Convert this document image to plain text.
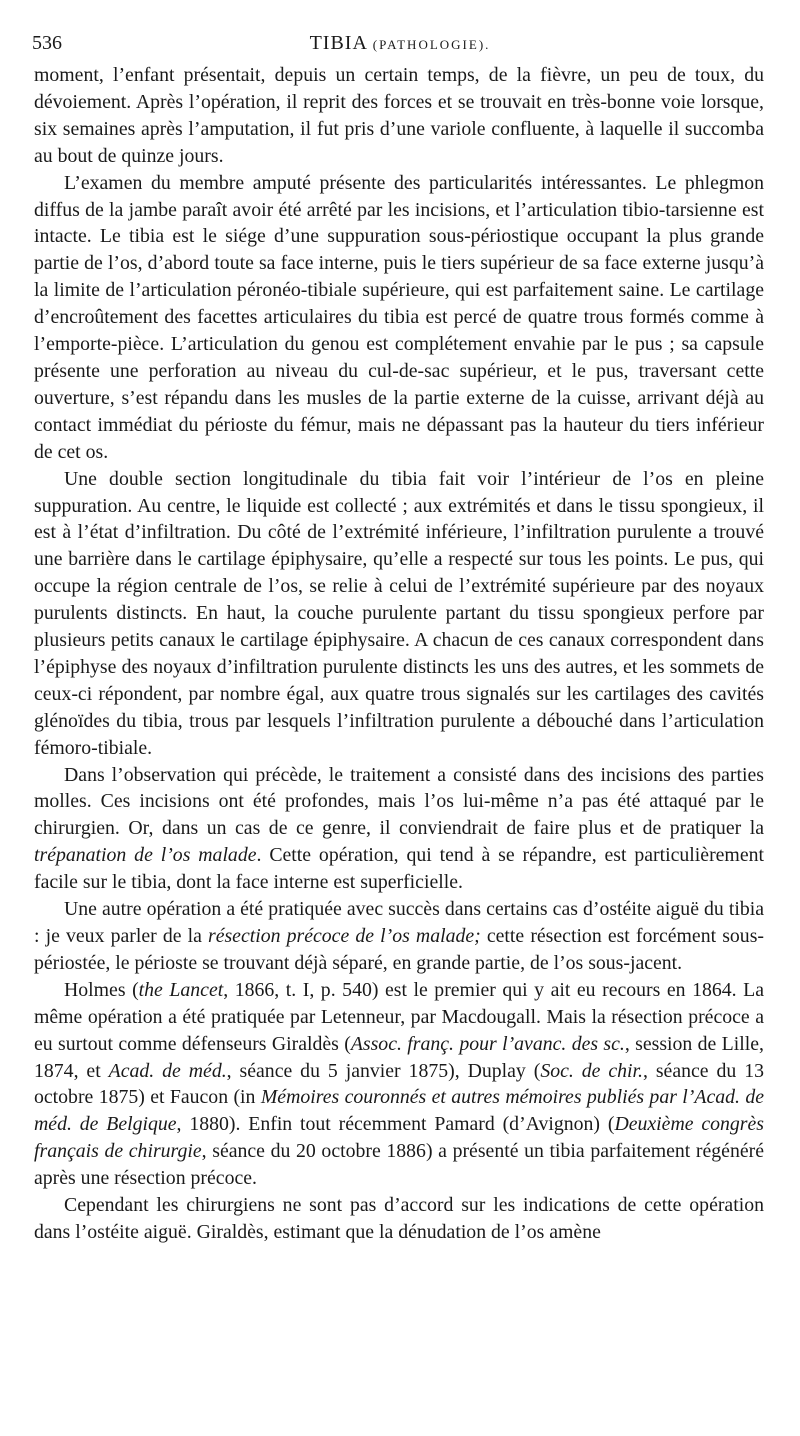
536	TIBIA (PATHOLOGIE).

moment, l’enfant présentait, depuis un certain temps, de la fièvre, un peu de toux, du dévoiement. Après l’opération, il reprit des forces et se trouvait en très-bonne voie lorsque, six semaines après l’amputation, il fut pris d’une variole confluente, à laquelle il succomba au bout de quinze jours.

L’examen du membre amputé présente des particularités intéressantes. Le phlegmon diffus de la jambe paraît avoir été arrêté par les incisions, et l’articulation tibio-tarsienne est intacte. Le tibia est le siége d’une suppuration sous-périostique occupant la plus grande partie de l’os, d’abord toute sa face interne, puis le tiers supérieur de sa face externe jusqu’à la limite de l’articulation péronéo-tibiale supérieure, qui est parfaitement saine. Le cartilage d’encroûtement des facettes articulaires du tibia est percé de quatre trous formés comme à l’emporte-pièce. L’articulation du genou est complétement envahie par le pus ; sa capsule présente une perforation au niveau du cul-de-sac supérieur, et le pus, traversant cette ouverture, s’est répandu dans les musles de la partie externe de la cuisse, arrivant déjà au contact immédiat du périoste du fémur, mais ne dépassant pas la hauteur du tiers inférieur de cet os.

Une double section longitudinale du tibia fait voir l’intérieur de l’os en pleine suppuration. Au centre, le liquide est collecté ; aux extrémités et dans le tissu spongieux, il est à l’état d’infiltration. Du côté de l’extrémité inférieure, l’infiltration purulente a trouvé une barrière dans le cartilage épiphysaire, qu’elle a respecté sur tous les points. Le pus, qui occupe la région centrale de l’os, se relie à celui de l’extrémité supérieure par des noyaux purulents distincts. En haut, la couche purulente partant du tissu spongieux perfore par plusieurs petits canaux le cartilage épiphysaire. A chacun de ces canaux correspondent dans l’épiphyse des noyaux d’infiltration purulente distincts les uns des autres, et les sommets de ceux-ci répondent, par nombre égal, aux quatre trous signalés sur les cartilages des cavités glénoïdes du tibia, trous par lesquels l’infiltration purulente a débouché dans l’articulation fémoro-tibiale.

Dans l’observation qui précède, le traitement a consisté dans des incisions des parties molles. Ces incisions ont été profondes, mais l’os lui-même n’a pas été attaqué par le chirurgien. Or, dans un cas de ce genre, il conviendrait de faire plus et de pratiquer la trépanation de l’os malade. Cette opération, qui tend à se répandre, est particulièrement facile sur le tibia, dont la face interne est superficielle.

Une autre opération a été pratiquée avec succès dans certains cas d’ostéite aiguë du tibia : je veux parler de la résection précoce de l’os malade; cette résection est forcément sous-périostée, le périoste se trouvant déjà séparé, en grande partie, de l’os sous-jacent.

Holmes (the Lancet, 1866, t. I, p. 540) est le premier qui y ait eu recours en 1864. La même opération a été pratiquée par Letenneur, par Macdougall. Mais la résection précoce a eu surtout comme défenseurs Giraldès (Assoc. franç. pour l’avanc. des sc., session de Lille, 1874, et Acad. de méd., séance du 5 janvier 1875), Duplay (Soc. de chir., séance du 13 octobre 1875) et Faucon (in Mémoires couronnés et autres mémoires publiés par l’Acad. de méd. de Belgique, 1880). Enfin tout récemment Pamard (d’Avignon) (Deuxième congrès français de chirurgie, séance du 20 octobre 1886) a présenté un tibia parfaitement régénéré après une résection précoce.

Cependant les chirurgiens ne sont pas d’accord sur les indications de cette opération dans l’ostéite aiguë. Giraldès, estimant que la dénudation de l’os amène
